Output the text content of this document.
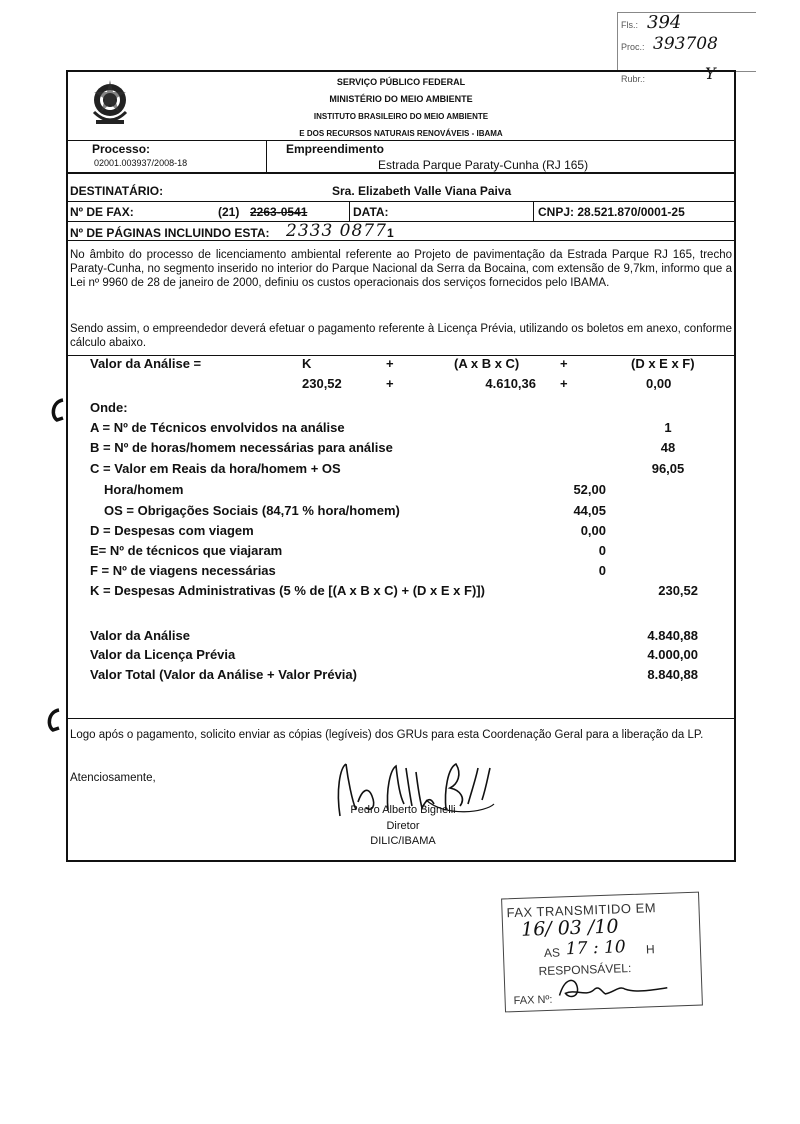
Fls.:
Proc.:
Rubr.:
394
393708
Y
SERVIÇO PÚBLICO FEDERAL
MINISTÉRIO DO MEIO AMBIENTE
INSTITUTO BRASILEIRO DO MEIO AMBIENTE
E DOS RECURSOS NATURAIS RENOVÁVEIS - IBAMA
Processo:
02001.003937/2008-18
Empreendimento
Estrada Parque Paraty-Cunha (RJ 165)
DESTINATÁRIO:	Sra. Elizabeth Valle Viana Paiva
Nº DE FAX:	(21) 2263-0541	DATA:	CNPJ: 28.521.870/0001-25
Nº DE PÁGINAS INCLUINDO ESTA: 2333 0877 1
No âmbito do processo de licenciamento ambiental referente ao Projeto de pavimentação da Estrada Parque RJ 165, trecho Paraty-Cunha, no segmento inserido no interior do Parque Nacional da Serra da Bocaina, com extensão de 9,7km, informo que a Lei nº 9960 de 28 de janeiro de 2000, definiu os custos operacionais dos serviços fornecidos pelo IBAMA.
Sendo assim, o empreendedor deverá efetuar o pagamento referente à Licença Prévia, utilizando os boletos em anexo, conforme cálculo abaixo.
Valor da Análise =	K	+	(A x B x C)	+	(D x E x F)
230,52	+	4.610,36 +	0,00
Onde:
A = Nº de Técnicos envolvidos na análise	1
B = Nº de horas/homem necessárias para análise	48
C = Valor em Reais da hora/homem + OS	96,05
Hora/homem	52,00
OS = Obrigações Sociais (84,71 % hora/homem)	44,05
D = Despesas com viagem	0,00
E= Nº de técnicos que viajaram	0
F = Nº de viagens necessárias	0
K = Despesas Administrativas (5 % de [(A x B x C) + (D x E x F)])	230,52
Valor da Análise	4.840,88
Valor da Licença Prévia	4.000,00
Valor Total (Valor da Análise + Valor Prévia)	8.840,88
Logo após o pagamento, solicito enviar as cópias (legíveis) dos GRUs para esta Coordenação Geral para a liberação da LP.
Atenciosamente,
Pedro Alberto Bignelli
Diretor
DILIC/IBAMA
FAX TRANSMITIDO EM
16/ 03 /10
AS 17 : 10 H
RESPONSÁVEL:
FAX Nº:
